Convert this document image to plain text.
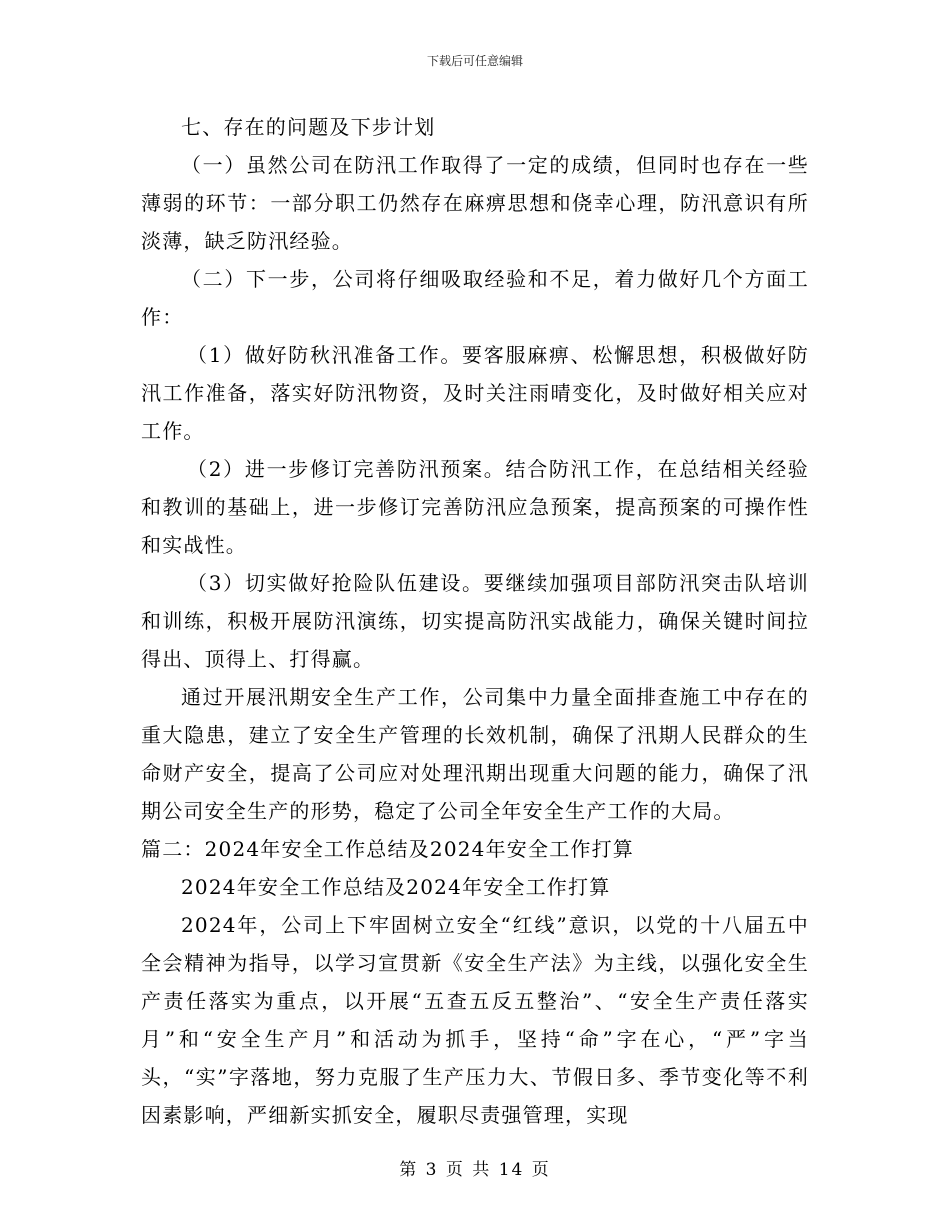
下载后可任意编辑

七、存在的问题及下步计划

（一）虽然公司在防汛工作取得了一定的成绩，但同时也存在一些薄弱的环节：一部分职工仍然存在麻痹思想和侥幸心理，防汛意识有所淡薄，缺乏防汛经验。

（二）下一步，公司将仔细吸取经验和不足，着力做好几个方面工作：

（1）做好防秋汛准备工作。要客服麻痹、松懈思想，积极做好防汛工作准备，落实好防汛物资，及时关注雨晴变化，及时做好相关应对工作。

（2）进一步修订完善防汛预案。结合防汛工作，在总结相关经验和教训的基础上，进一步修订完善防汛应急预案，提高预案的可操作性和实战性。

（3）切实做好抢险队伍建设。要继续加强项目部防汛突击队培训和训练，积极开展防汛演练，切实提高防汛实战能力，确保关键时间拉得出、顶得上、打得赢。

通过开展汛期安全生产工作，公司集中力量全面排查施工中存在的重大隐患，建立了安全生产管理的长效机制，确保了汛期人民群众的生命财产安全，提高了公司应对处理汛期出现重大问题的能力，确保了汛期公司安全生产的形势，稳定了公司全年安全生产工作的大局。

篇二：2024年安全工作总结及2024年安全工作打算

2024年安全工作总结及2024年安全工作打算

2024年，公司上下牢固树立安全“红线”意识，以党的十八届五中全会精神为指导，以学习宣贯新《安全生产法》为主线，以强化安全生产责任落实为重点，以开展“五查五反五整治”、“安全生产责任落实月”和“安全生产月”和活动为抓手，坚持“命”字在心，“严”字当头，“实”字落地，努力克服了生产压力大、节假日多、季节变化等不利因素影响，严细新实抓安全，履职尽责强管理，实现

第 3 页 共 14 页
